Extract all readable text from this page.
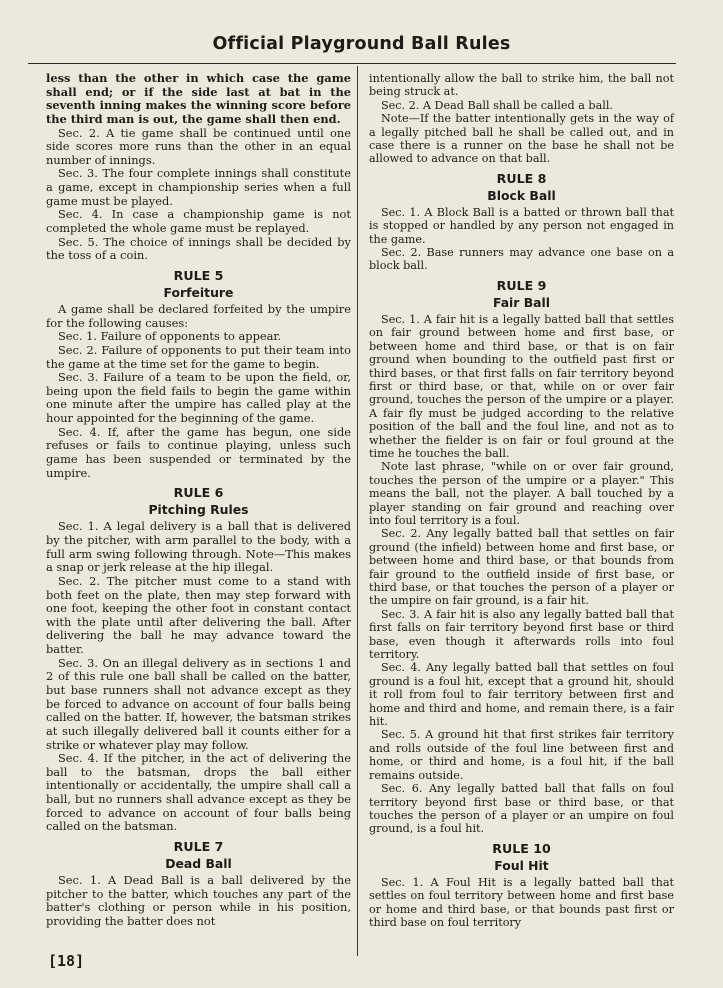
Official Playground Ball Rules

less than the other in which case the game shall end; or if the side last at bat in the seventh inning makes the winning score before the third man is out, the game shall then end.

Sec. 2. A tie game shall be continued until one side scores more runs than the other in an equal number of innings.

Sec. 3. The four complete innings shall constitute a game, except in championship series when a full game must be played.

Sec. 4. In case a championship game is not completed the whole game must be replayed.

Sec. 5. The choice of innings shall be decided by the toss of a coin.

RULE 5
Forfeiture

A game shall be declared forfeited by the umpire for the following causes:

Sec. 1. Failure of opponents to appear.

Sec. 2. Failure of opponents to put their team into the game at the time set for the game to begin.

Sec. 3. Failure of a team to be upon the field, or, being upon the field fails to begin the game within one minute after the umpire has called play at the hour appointed for the beginning of the game.

Sec. 4. If, after the game has begun, one side refuses or fails to continue playing, unless such game has been suspended or terminated by the umpire.

RULE 6
Pitching Rules

Sec. 1. A legal delivery is a ball that is delivered by the pitcher, with arm parallel to the body, with a full arm swing following through. Note—This makes a snap or jerk release at the hip illegal.

Sec. 2. The pitcher must come to a stand with both feet on the plate, then may step forward with one foot, keeping the other foot in constant contact with the plate until after delivering the ball. After delivering the ball he may advance toward the batter.

Sec. 3. On an illegal delivery as in sections 1 and 2 of this rule one ball shall be called on the batter, but base runners shall not advance except as they be forced to advance on account of four balls being called on the batter. If, however, the batsman strikes at such illegally delivered ball it counts either for a strike or whatever play may follow.

Sec. 4. If the pitcher, in the act of delivering the ball to the batsman, drops the ball either intentionally or accidentally, the umpire shall call a ball, but no runners shall advance except as they be forced to advance on account of four balls being called on the batsman.

RULE 7
Dead Ball

Sec. 1. A Dead Ball is a ball delivered by the pitcher to the batter, which touches any part of the batter's clothing or person while in his position, providing the batter does not

intentionally allow the ball to strike him, the ball not being struck at.

Sec. 2. A Dead Ball shall be called a ball.

Note—If the batter intentionally gets in the way of a legally pitched ball he shall be called out, and in case there is a runner on the base he shall not be allowed to advance on that ball.

RULE 8
Block Ball

Sec. 1. A Block Ball is a batted or thrown ball that is stopped or handled by any person not engaged in the game.

Sec. 2. Base runners may advance one base on a block ball.

RULE 9
Fair Ball

Sec. 1. A fair hit is a legally batted ball that settles on fair ground between home and first base, or between home and third base, or that is on fair ground when bounding to the outfield past first or third bases, or that first falls on fair territory beyond first or third base, or that, while on or over fair ground, touches the person of the umpire or a player. A fair fly must be judged according to the relative position of the ball and the foul line, and not as to whether the fielder is on fair or foul ground at the time he touches the ball.

Note last phrase, "while on or over fair ground, touches the person of the umpire or a player." This means the ball, not the player. A ball touched by a player standing on fair ground and reaching over into foul territory is a foul.

Sec. 2. Any legally batted ball that settles on fair ground (the infield) between home and first base, or between home and third base, or that bounds from fair ground to the outfield inside of first base, or third base, or that touches the person of a player or the umpire on fair ground, is a fair hit.

Sec. 3. A fair hit is also any legally batted ball that first falls on fair territory beyond first base or third base, even though it afterwards rolls into foul territory.

Sec. 4. Any legally batted ball that settles on foul ground is a foul hit, except that a ground hit, should it roll from foul to fair territory between first and home and third and home, and remain there, is a fair hit.

Sec. 5. A ground hit that first strikes fair territory and rolls outside of the foul line between first and home, or third and home, is a foul hit, if the ball remains outside.

Sec. 6. Any legally batted ball that falls on foul territory beyond first base or third base, or that touches the person of a player or an umpire on foul ground, is a foul hit.

RULE 10
Foul Hit

Sec. 1. A Foul Hit is a legally batted ball that settles on foul territory between home and first base or home and third base, or that bounds past first or third base on foul territory

[18]
